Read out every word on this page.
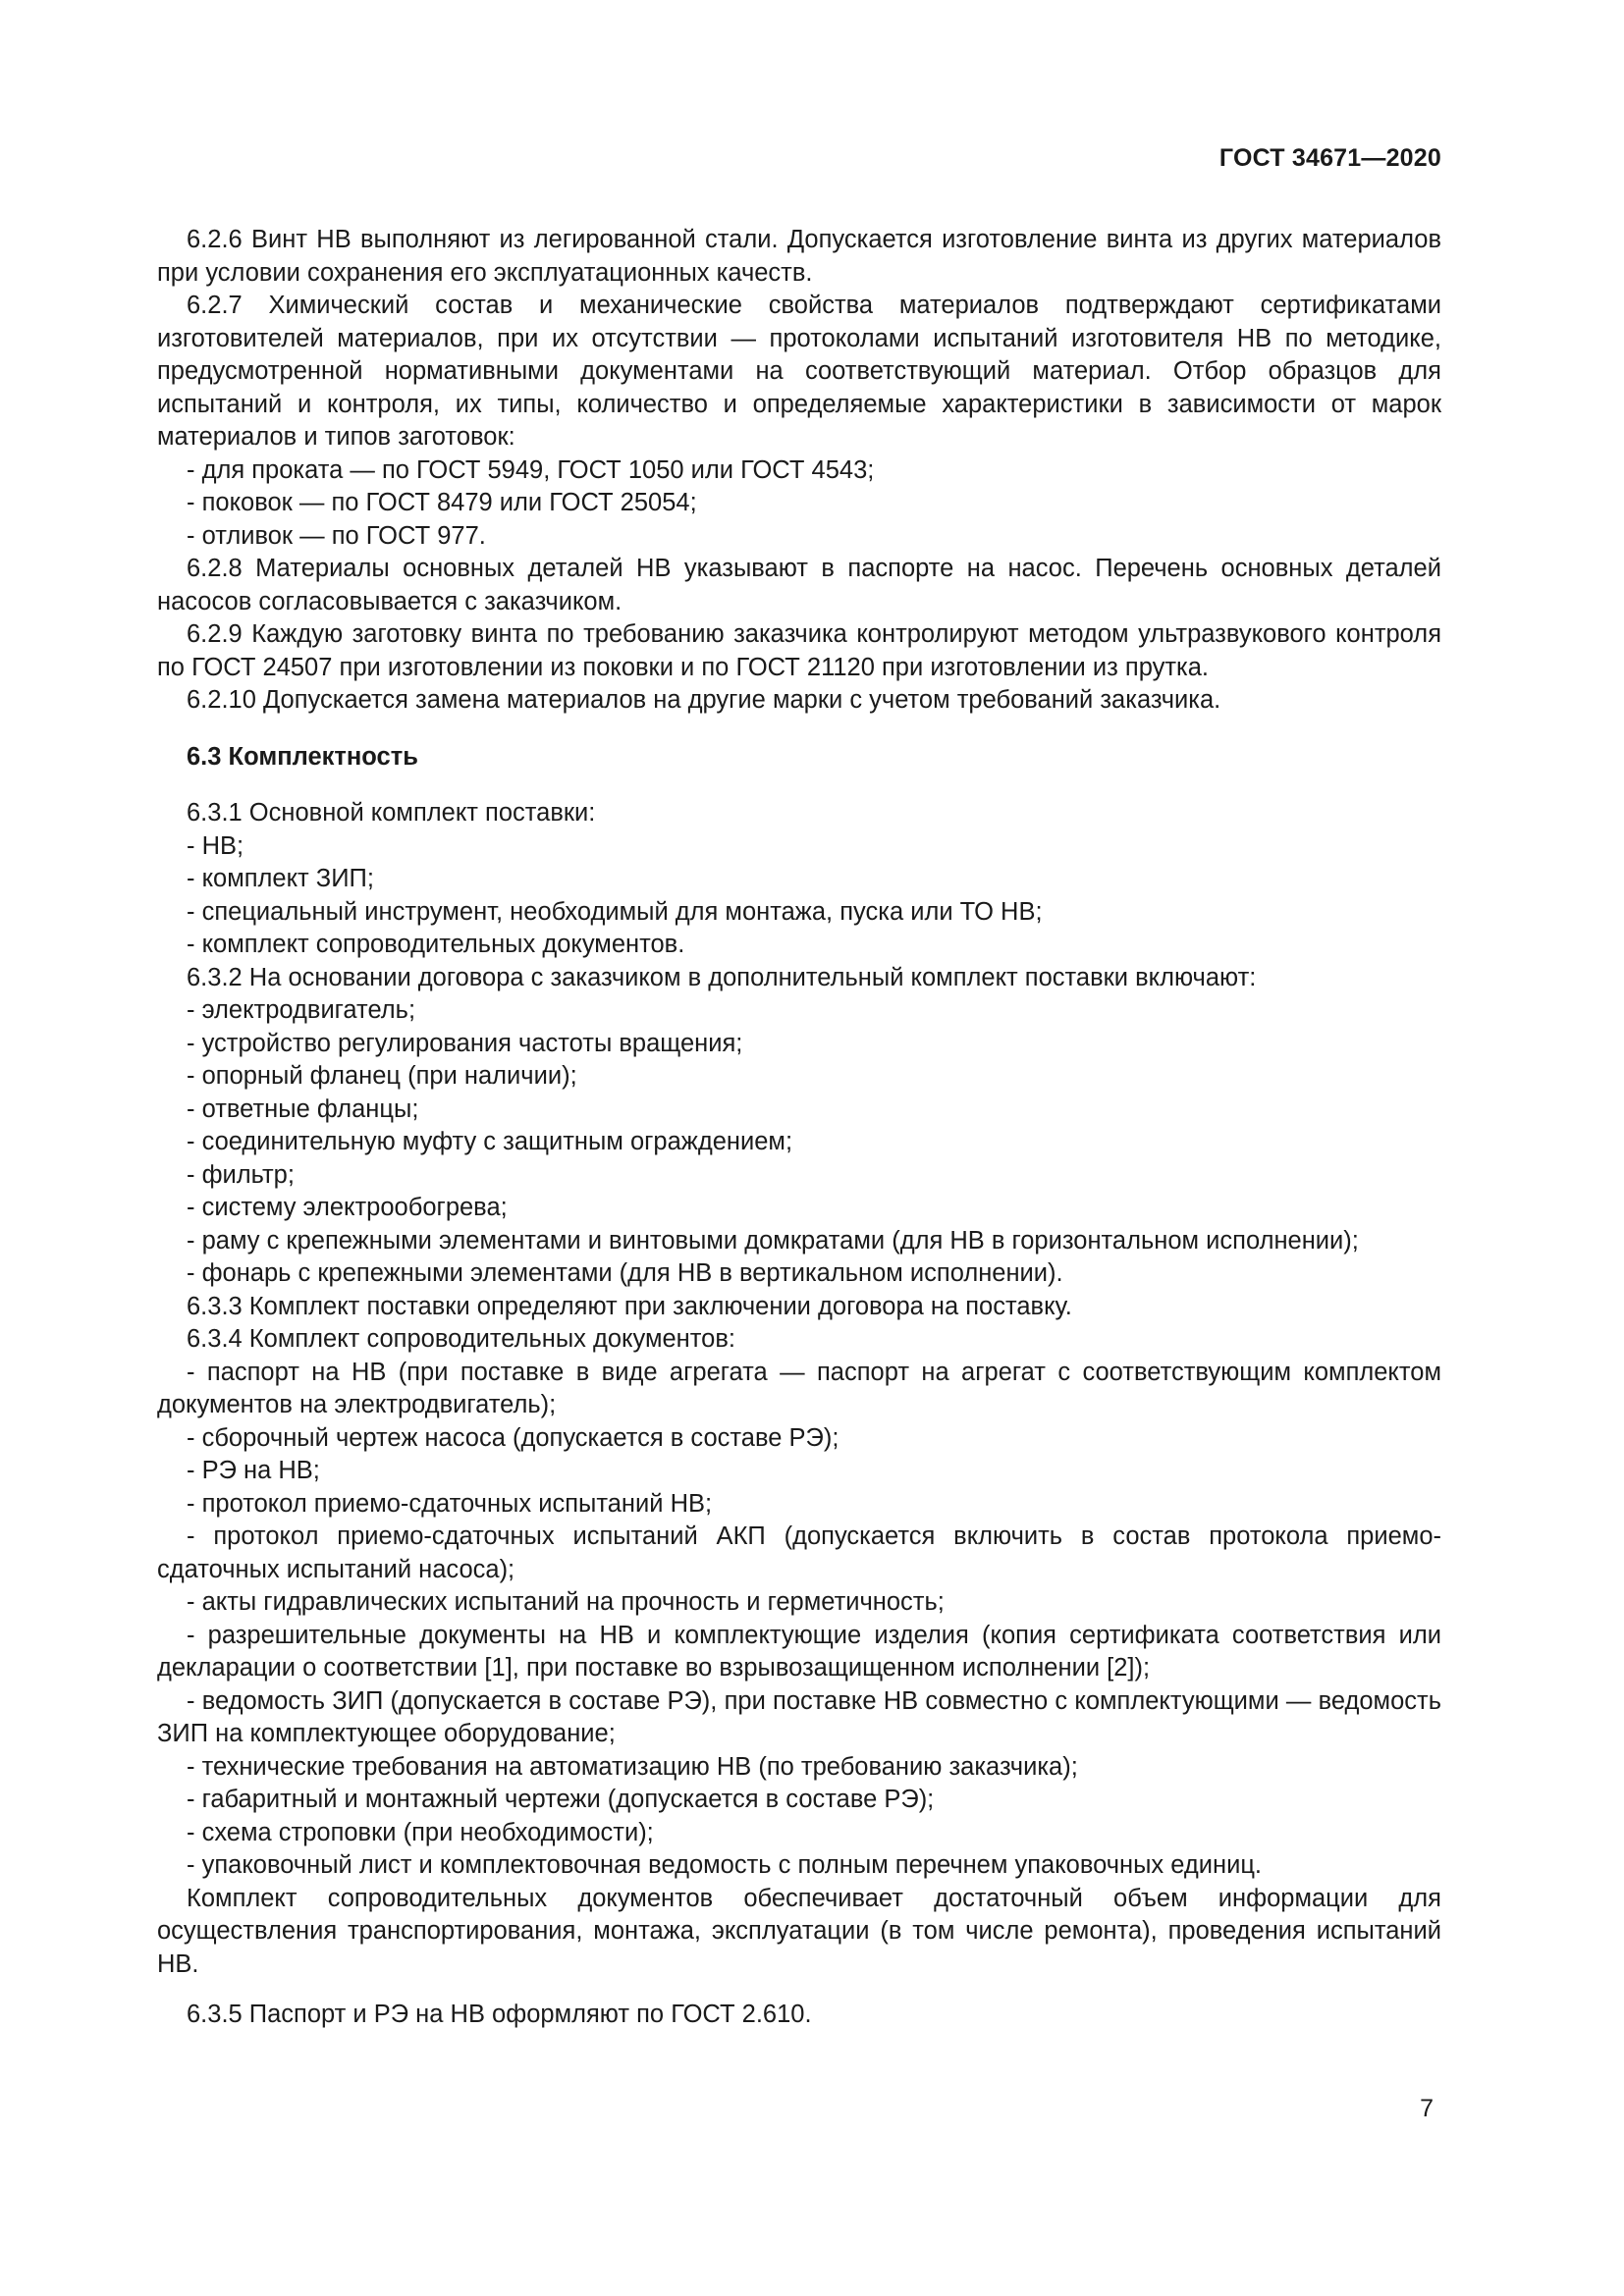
ГОСТ 34671—2020

6.2.6 Винт НВ выполняют из легированной стали. Допускается изготовление винта из других материалов при условии сохранения его эксплуатационных качеств.

6.2.7 Химический состав и механические свойства материалов подтверждают сертификатами изготовителей материалов, при их отсутствии — протоколами испытаний изготовителя НВ по методике, предусмотренной нормативными документами на соответствующий материал. Отбор образцов для испытаний и контроля, их типы, количество и определяемые характеристики в зависимости от марок материалов и типов заготовок:

- для проката — по ГОСТ 5949, ГОСТ 1050 или ГОСТ 4543;

- поковок — по ГОСТ 8479 или ГОСТ 25054;

- отливок — по ГОСТ 977.

6.2.8 Материалы основных деталей НВ указывают в паспорте на насос. Перечень основных деталей насосов согласовывается с заказчиком.

6.2.9 Каждую заготовку винта по требованию заказчика контролируют методом ультразвукового контроля по ГОСТ 24507 при изготовлении из поковки и по ГОСТ 21120 при изготовлении из прутка.

6.2.10 Допускается замена материалов на другие марки с учетом требований заказчика.

6.3 Комплектность

6.3.1 Основной комплект поставки:

- НВ;

- комплект ЗИП;

- специальный инструмент, необходимый для монтажа, пуска или ТО НВ;

- комплект сопроводительных документов.

6.3.2 На основании договора с заказчиком в дополнительный комплект поставки включают:

- электродвигатель;

- устройство регулирования частоты вращения;

- опорный фланец (при наличии);

- ответные фланцы;

- соединительную муфту с защитным ограждением;

- фильтр;

- систему электрообогрева;

- раму с крепежными элементами и винтовыми домкратами (для НВ в горизонтальном исполнении);

- фонарь с крепежными элементами (для НВ в вертикальном исполнении).

6.3.3 Комплект поставки определяют при заключении договора на поставку.

6.3.4 Комплект сопроводительных документов:

- паспорт на НВ (при поставке в виде агрегата — паспорт на агрегат с соответствующим комплектом документов на электродвигатель);

- сборочный чертеж насоса (допускается в составе РЭ);

- РЭ на НВ;

- протокол приемо-сдаточных испытаний НВ;

- протокол приемо-сдаточных испытаний АКП (допускается включить в состав протокола приемо-сдаточных испытаний насоса);

- акты гидравлических испытаний на прочность и герметичность;

- разрешительные документы на НВ и комплектующие изделия (копия сертификата соответствия или декларации о соответствии [1], при поставке во взрывозащищенном исполнении [2]);

- ведомость ЗИП (допускается в составе РЭ), при поставке НВ совместно с комплектующими — ведомость ЗИП на комплектующее оборудование;

- технические требования на автоматизацию НВ (по требованию заказчика);

- габаритный и монтажный чертежи (допускается в составе РЭ);

- схема строповки (при необходимости);

- упаковочный лист и комплектовочная ведомость с полным перечнем упаковочных единиц.

Комплект сопроводительных документов обеспечивает достаточный объем информации для осуществления транспортирования, монтажа, эксплуатации (в том числе ремонта), проведения испытаний НВ.

6.3.5 Паспорт и РЭ на НВ оформляют по ГОСТ 2.610.

7
